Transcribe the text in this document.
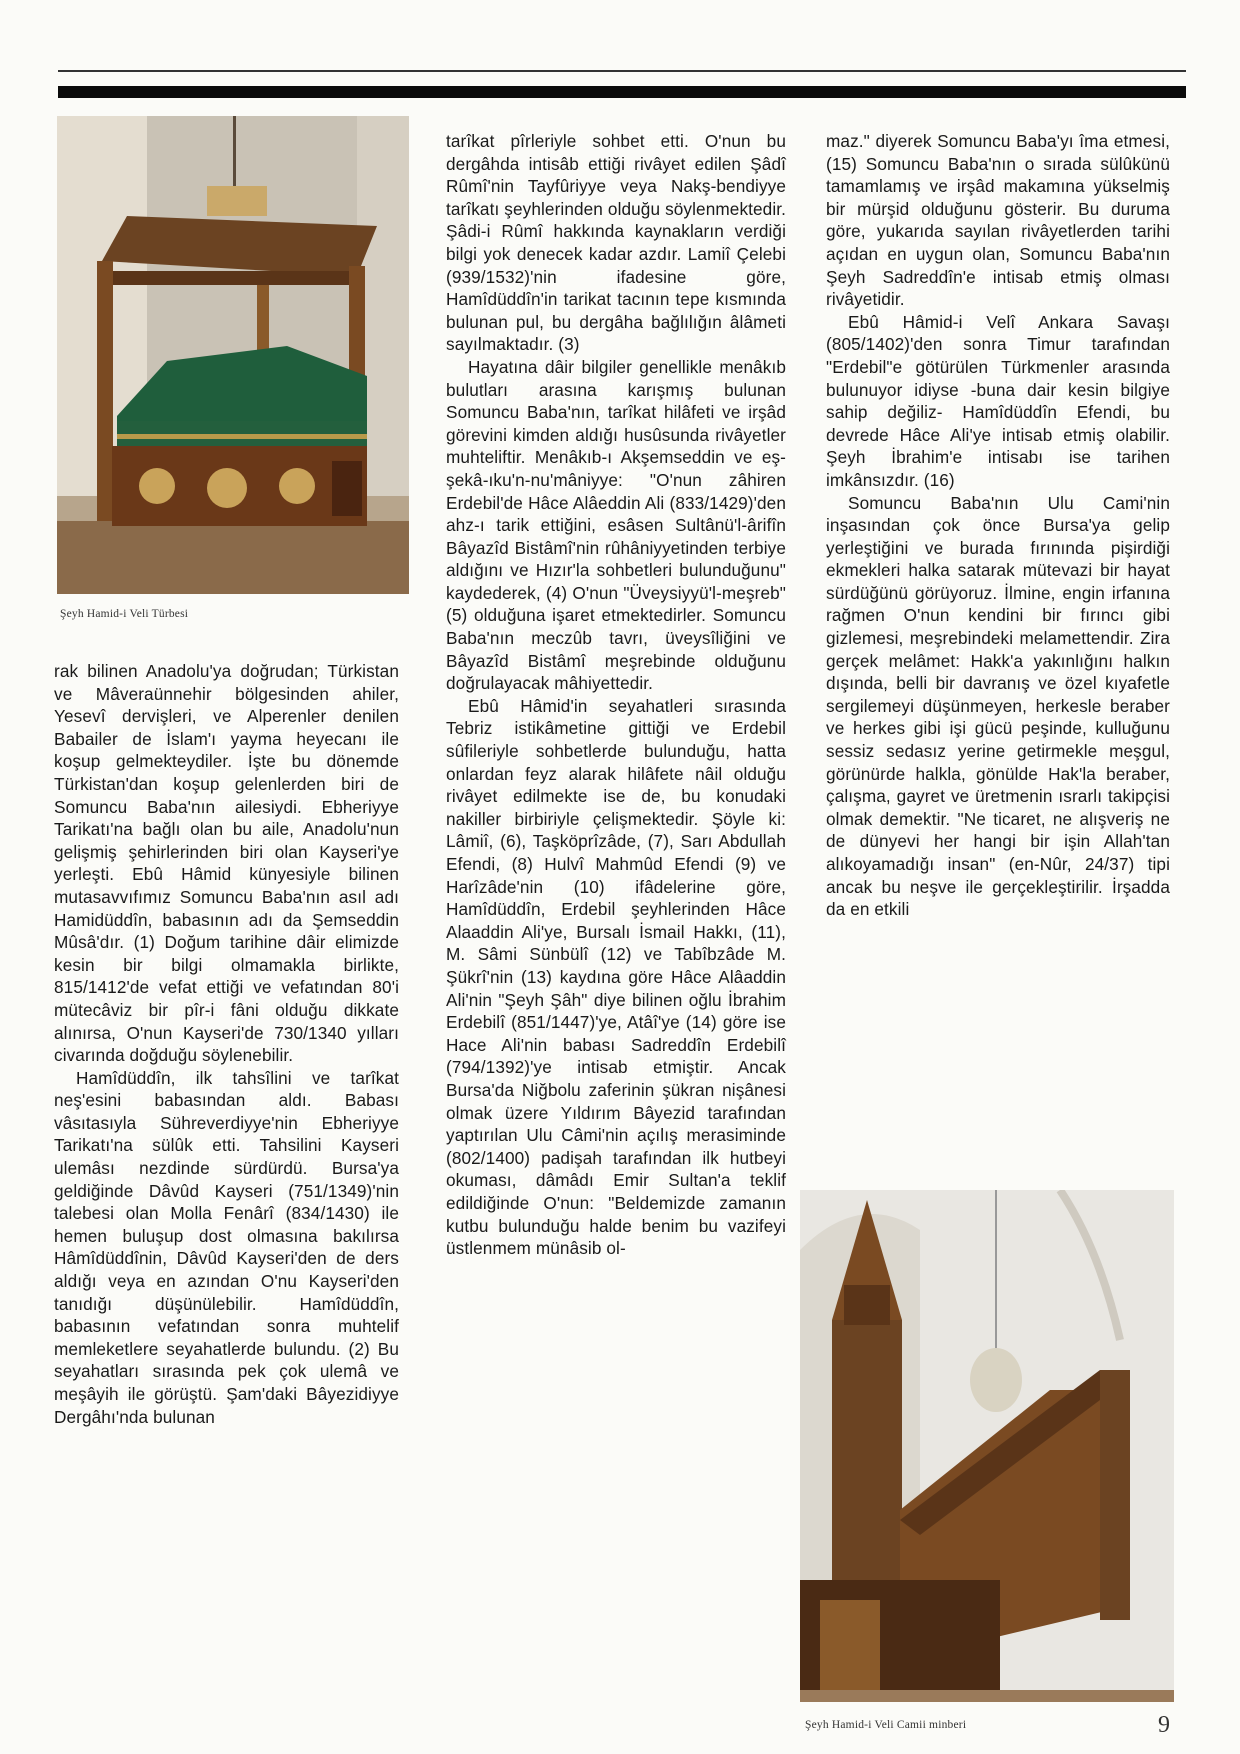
Şeyh Hamid-i Veli Türbesi
Şeyh Hamid-i Veli Camii minberi	9

rak bilinen Anadolu'ya doğrudan; Türkistan ve Mâveraünnehir bölgesinden ahiler, Yesevî dervişleri, ve Alperenler denilen Babailer de İslam'ı yayma heyecanı ile koşup gelmekteydiler. İşte bu dönemde Türkistan'dan koşup gelenlerden biri de Somuncu Baba'nın ailesiydi. Ebheriyye Tarikatı'na bağlı olan bu aile, Anadolu'nun gelişmiş şehirlerinden biri olan Kayseri'ye yerleşti. Ebû Hâmid künyesiyle bilinen mutasavvıfımız Somuncu Baba'nın asıl adı Hamidüddîn, babasının adı da Şemseddin Mûsâ'dır. (1) Doğum tarihine dâir elimizde kesin bir bilgi olmamakla birlikte, 815/1412'de vefat ettiği ve vefatından 80'i mütecâviz bir pîr-i fâni olduğu dikkate alınırsa, O'nun Kayseri'de 730/1340 yılları civarında doğduğu söylenebilir.

Hamîdüddîn, ilk tahsîlini ve tarîkat neş'esini babasından aldı. Babası vâsıtasıyla Sühreverdiyye'nin Ebheriyye Tarikatı'na sülûk etti. Tahsilini Kayseri ulemâsı nezdinde sürdürdü. Bursa'ya geldiğinde Dâvûd Kayseri (751/1349)'nin talebesi olan Molla Fenârî (834/1430) ile hemen buluşup dost olmasına bakılırsa Hâmîdüddînin, Dâvûd Kayseri'den de ders aldığı veya en azından O'nu Kayseri'den tanıdığı düşünülebilir. Hamîdüddîn, babasının vefatından sonra muhtelif memleketlere seyahatlerde bulundu. (2) Bu seyahatları sırasında pek çok ulemâ ve meşâyih ile görüştü. Şam'daki Bâyezidiyye Dergâhı'nda bulunan

tarîkat pîrleriyle sohbet etti. O'nun bu dergâhda intisâb ettiği rivâyet edilen Şâdî Rûmî'nin Tayfûriyye veya Nakş-bendiyye tarîkatı şeyhlerinden olduğu söylenmektedir. Şâdi-i Rûmî hakkında kaynakların verdiği bilgi yok denecek kadar azdır. Lamiî Çelebi (939/1532)'nin ifadesine göre, Hamîdüddîn'in tarikat tacının tepe kısmında bulunan pul, bu dergâha bağlılığın âlâmeti sayılmaktadır. (3)

Hayatına dâir bilgiler genellikle menâkıb bulutları arasına karışmış bulunan Somuncu Baba'nın, tarîkat hilâfeti ve irşâd görevini kimden aldığı husûsunda rivâyetler muhteliftir. Menâkıb-ı Akşemseddin ve eş-şekâ-ıku'n-nu'mâniyye: "O'nun zâhiren Erdebil'de Hâce Alâeddin Ali (833/1429)'den ahz-ı tarik ettiğini, esâsen Sultânü'l-ârifîn Bâyazîd Bistâmî'nin rûhâniyyetinden terbiye aldığını ve Hızır'la sohbetleri bulunduğunu" kaydederek, (4) O'nun "Üveysiyyü'l-meşreb" (5) olduğuna işaret etmektedirler. Somuncu Baba'nın meczûb tavrı, üveysîliğini ve Bâyazîd Bistâmî meşrebinde olduğunu doğrulayacak mâhiyettedir.

Ebû Hâmid'in seyahatleri sırasında Tebriz istikâmetine gittiği ve Erdebil sûfileriyle sohbetlerde bulunduğu, hatta onlardan feyz alarak hilâfete nâil olduğu rivâyet edilmekte ise de, bu konudaki nakiller birbiriyle çelişmektedir. Şöyle ki: Lâmiî, (6), Taşköprîzâde, (7), Sarı Abdullah Efendi, (8) Hulvî Mahmûd Efendi (9) ve Harîzâde'nin (10) ifâdelerine göre, Hamîdüddîn, Erdebil şeyhlerinden Hâce Alaaddin Ali'ye, Bursalı İsmail Hakkı, (11), M. Sâmi Sünbülî (12) ve Tabîbzâde M. Şükrî'nin (13) kaydına göre Hâce Alâaddin Ali'nin "Şeyh Şâh" diye bilinen oğlu İbrahim Erdebilî (851/1447)'ye, Atâî'ye (14) göre ise Hace Ali'nin babası Sadreddîn Erdebilî (794/1392)'ye intisab etmiştir. Ancak Bursa'da Niğbolu zaferinin şükran nişânesi olmak üzere Yıldırım Bâyezid tarafından yaptırılan Ulu Câmi'nin açılış merasiminde (802/1400) padişah tarafından ilk hutbeyi okuması, dâmâdı Emir Sultan'a teklif edildiğinde O'nun: "Beldemizde zamanın kutbu bulunduğu halde benim bu vazifeyi üstlenmem münâsib ol-

maz." diyerek Somuncu Baba'yı îma etmesi, (15) Somuncu Baba'nın o sırada sülûkünü tamamlamış ve irşâd makamına yükselmiş bir mürşid olduğunu gösterir. Bu duruma göre, yukarıda sayılan rivâyetlerden tarihi açıdan en uygun olan, Somuncu Baba'nın Şeyh Sadreddîn'e intisab etmiş olması rivâyetidir.

Ebû Hâmid-i Velî Ankara Savaşı (805/1402)'den sonra Timur tarafından "Erdebil"e götürülen Türkmenler arasında bulunuyor idiyse -buna dair kesin bilgiye sahip değiliz- Hamîdüddîn Efendi, bu devrede Hâce Ali'ye intisab etmiş olabilir. Şeyh İbrahim'e intisabı ise tarihen imkânsızdır. (16)

Somuncu Baba'nın Ulu Cami'nin inşasından çok önce Bursa'ya gelip yerleştiğini ve burada fırınında pişirdiği ekmekleri halka satarak mütevazi bir hayat sürdüğünü görüyoruz. İlmine, engin irfanına rağmen O'nun kendini bir fırıncı gibi gizlemesi, meşrebindeki melamettendir. Zira gerçek melâmet: Hakk'a yakınlığını halkın dışında, belli bir davranış ve özel kıyafetle sergilemeyi düşünmeyen, herkesle beraber ve herkes gibi işi gücü peşinde, kulluğunu sessiz sedasız yerine getirmekle meşgul, görünürde halkla, gönülde Hak'la beraber, çalışma, gayret ve üretmenin ısrarlı takipçisi olmak demektir. "Ne ticaret, ne alışveriş ne de dünyevi her hangi bir işin Allah'tan alıkoyamadığı insan" (en-Nûr, 24/37) tipi ancak bu neşve ile gerçekleştirilir. İrşadda da en etkili
